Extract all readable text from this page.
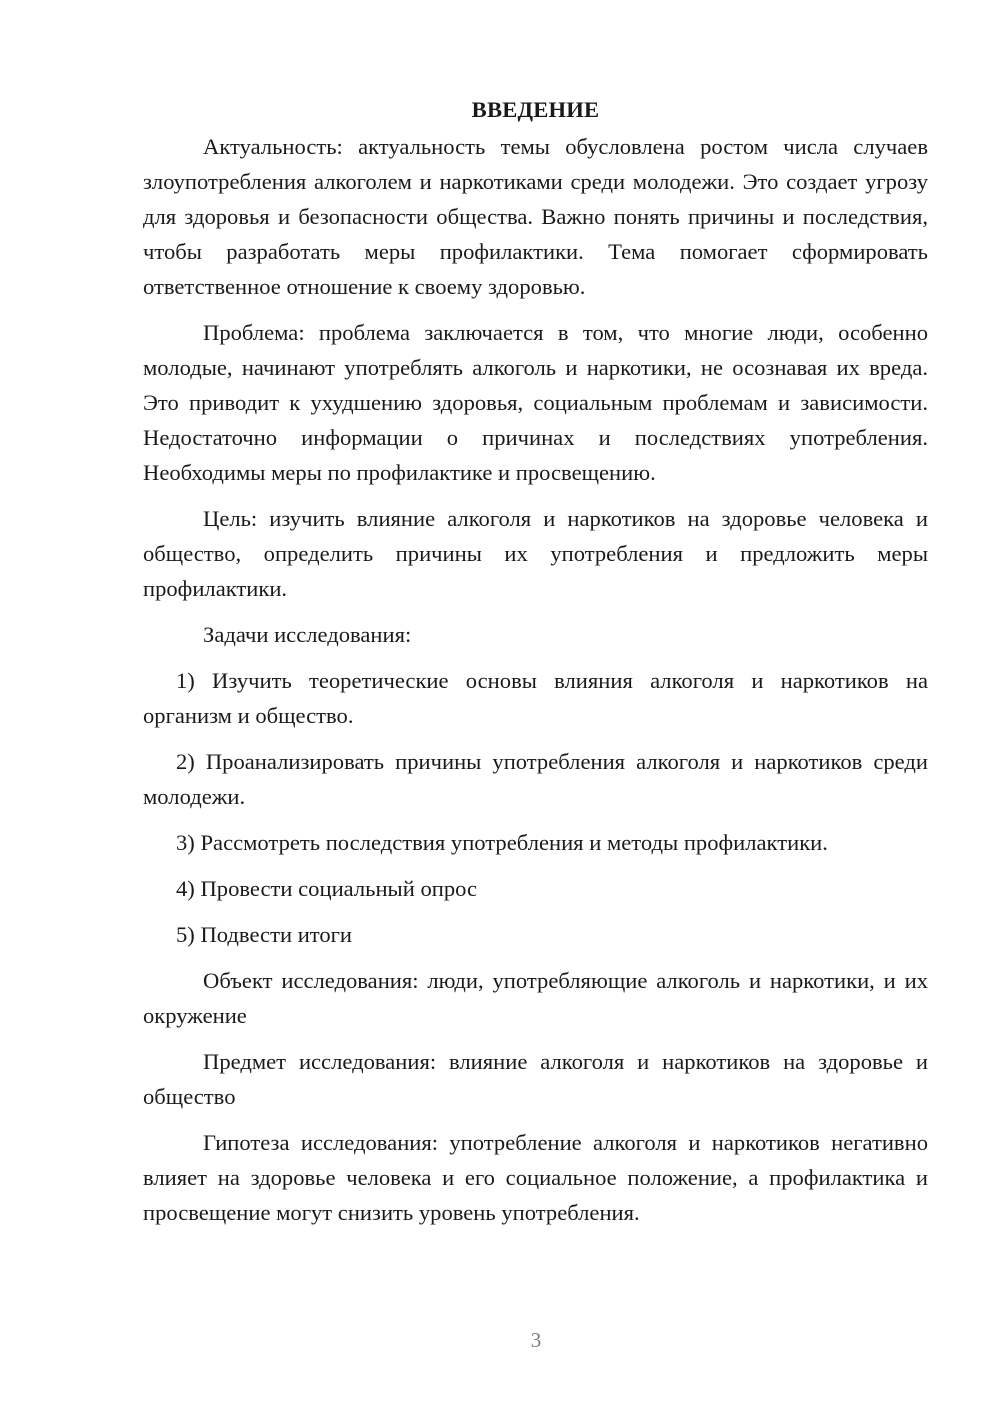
ВВЕДЕНИЕ

Актуальность: актуальность темы обусловлена ростом числа случаев злоупотребления алкоголем и наркотиками среди молодежи. Это создает угрозу для здоровья и безопасности общества. Важно понять причины и последствия, чтобы разработать меры профилактики. Тема помогает сформировать ответственное отношение к своему здоровью.

Проблема: проблема заключается в том, что многие люди, особенно молодые, начинают употреблять алкоголь и наркотики, не осознавая их вреда. Это приводит к ухудшению здоровья, социальным проблемам и зависимости. Недостаточно информации о причинах и последствиях употребления. Необходимы меры по профилактике и просвещению.

Цель: изучить влияние алкоголя и наркотиков на здоровье человека и общество, определить причины их употребления и предложить меры профилактики.

Задачи исследования:

1) Изучить теоретические основы влияния алкоголя и наркотиков на организм и общество.

2) Проанализировать причины употребления алкоголя и наркотиков среди молодежи.

3) Рассмотреть последствия употребления и методы профилактики.

4) Провести социальный опрос

5) Подвести итоги

Объект исследования: люди, употребляющие алкоголь и наркотики, и их окружение

Предмет исследования: влияние алкоголя и наркотиков на здоровье и общество

Гипотеза исследования: употребление алкоголя и наркотиков негативно влияет на здоровье человека и его социальное положение, а профилактика и просвещение могут снизить уровень употребления.

3
